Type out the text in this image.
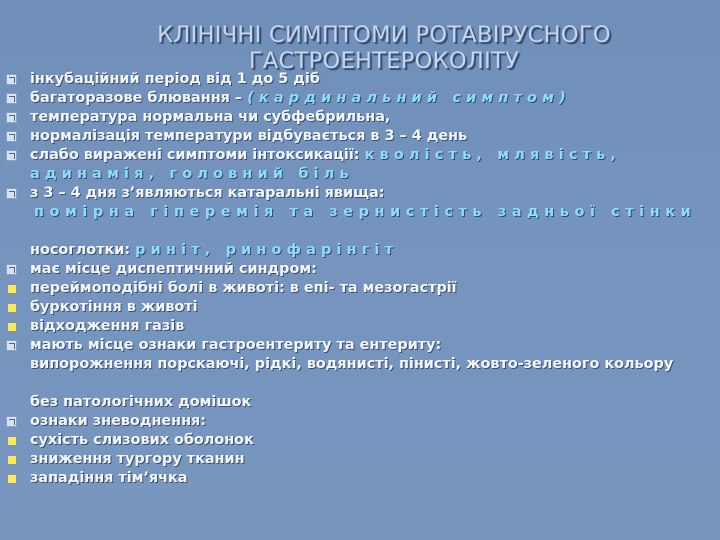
КЛІНІЧНІ СИМПТОМИ РОТАВІРУСНОГО
ГАСТРОЕНТЕРОКОЛІТУ
інкубаційний період від 1 до 5 діб
багаторазове блювання – (кардинальний симптом)
температура нормальна чи субфебрильна,
нормалізація температури відбувається в 3 – 4 день
слабо виражені симптоми інтоксикації: кволість, млявість,
адинамія, головний біль
з 3 – 4 дня з’являються катаральні явища:
помірна гіперемія та зернистість задньої стінки
носоглотки: риніт, ринофарінгіт
має місце диспептичний синдром:
переймоподібні болі в животі: в епі- та мезогастрії
буркотіння в животі
відходження газів
мають місце ознаки гастроентериту та ентериту:
випорожнення порскаючі, рідкі, водянисті, пінисті, жовто-зеленого кольору
без патологічних домішок
ознаки зневоднення:
сухість слизових оболонок
зниження тургору тканин
западіння тім’ячка
